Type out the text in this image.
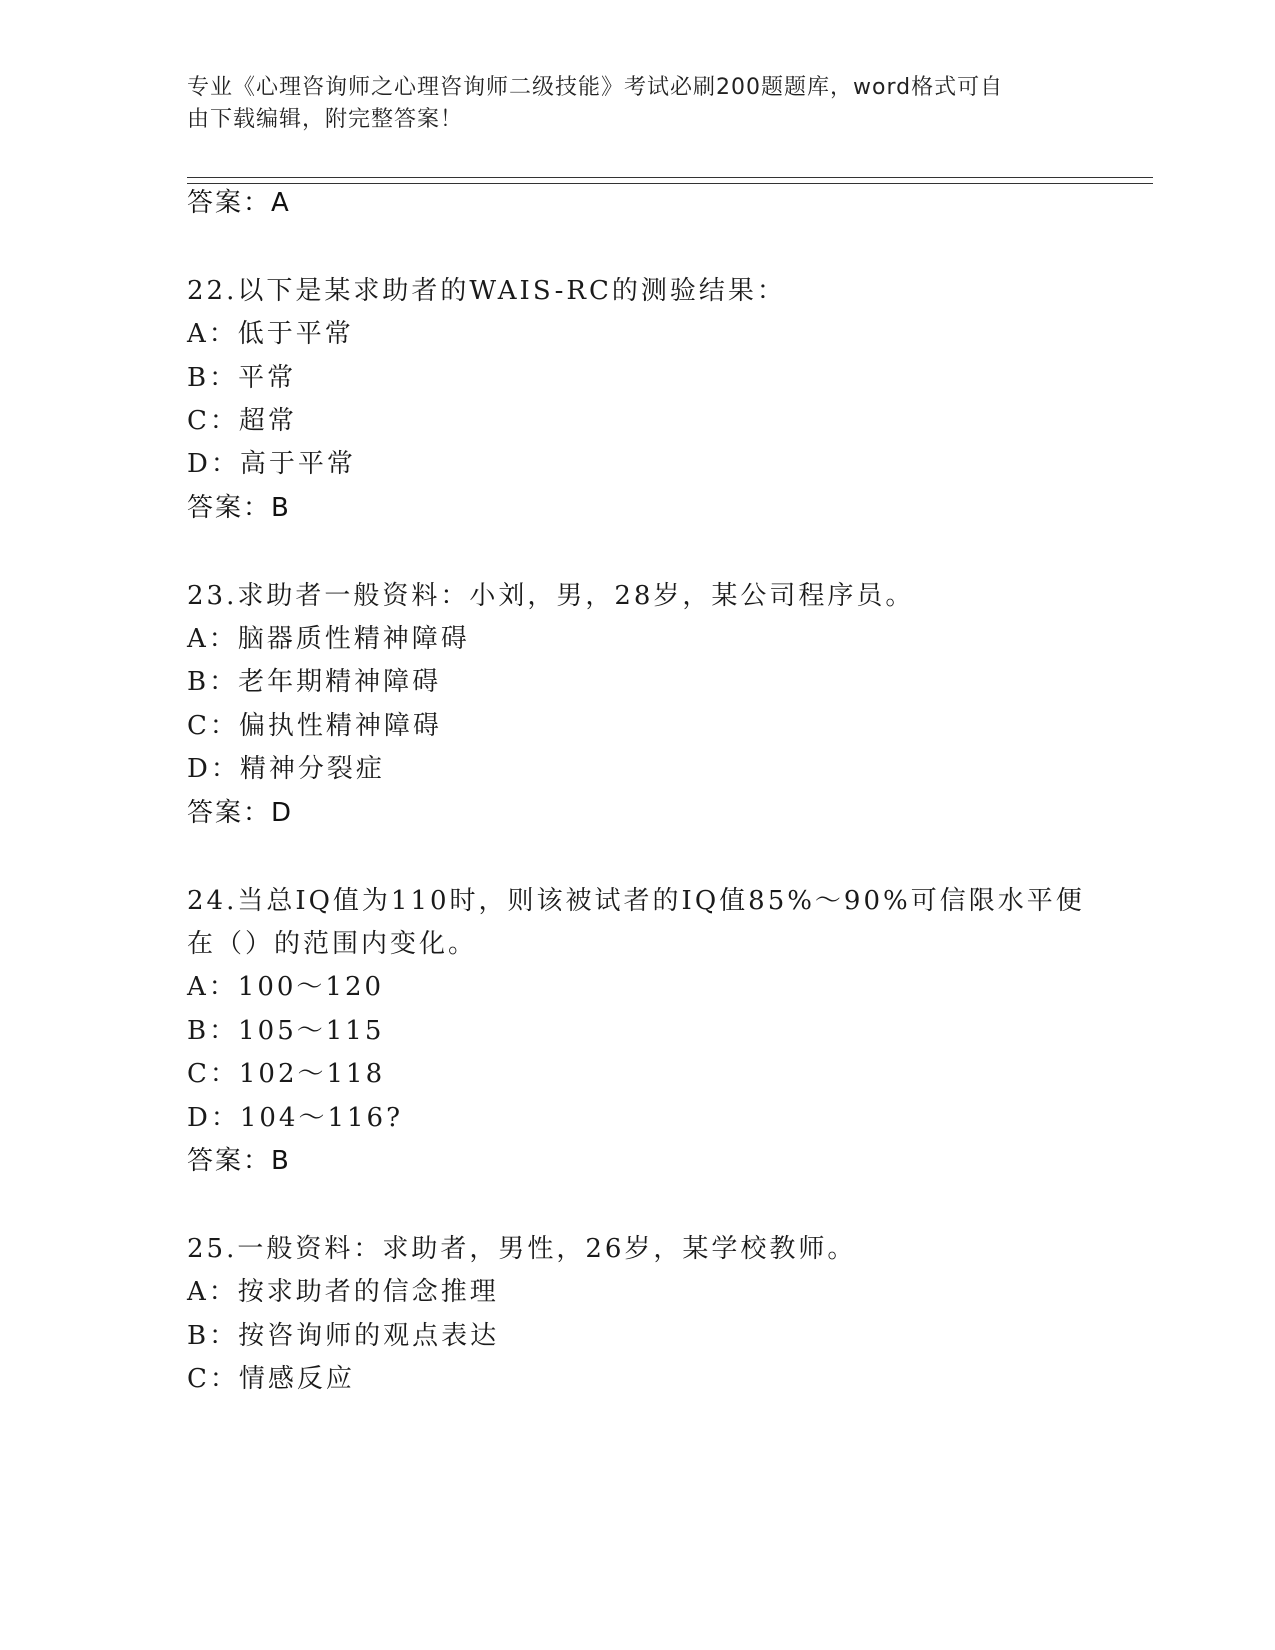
专业《心理咨询师之心理咨询师二级技能》考试必刷200题题库，word格式可自
由下载编辑，附完整答案！
答案：A
22.以下是某求助者的WAIS-RC的测验结果：
A：低于平常
B：平常
C：超常
D：高于平常
答案：B
23.求助者一般资料：小刘，男，28岁，某公司程序员。
A：脑器质性精神障碍
B：老年期精神障碍
C：偏执性精神障碍
D：精神分裂症
答案：D
24.当总IQ值为110时，则该被试者的IQ值85%～90%可信限水平便
在（）的范围内变化。
A：100～120
B：105～115
C：102～118
D：104～116?
答案：B
25.一般资料：求助者，男性，26岁，某学校教师。
A：按求助者的信念推理
B：按咨询师的观点表达
C：情感反应
